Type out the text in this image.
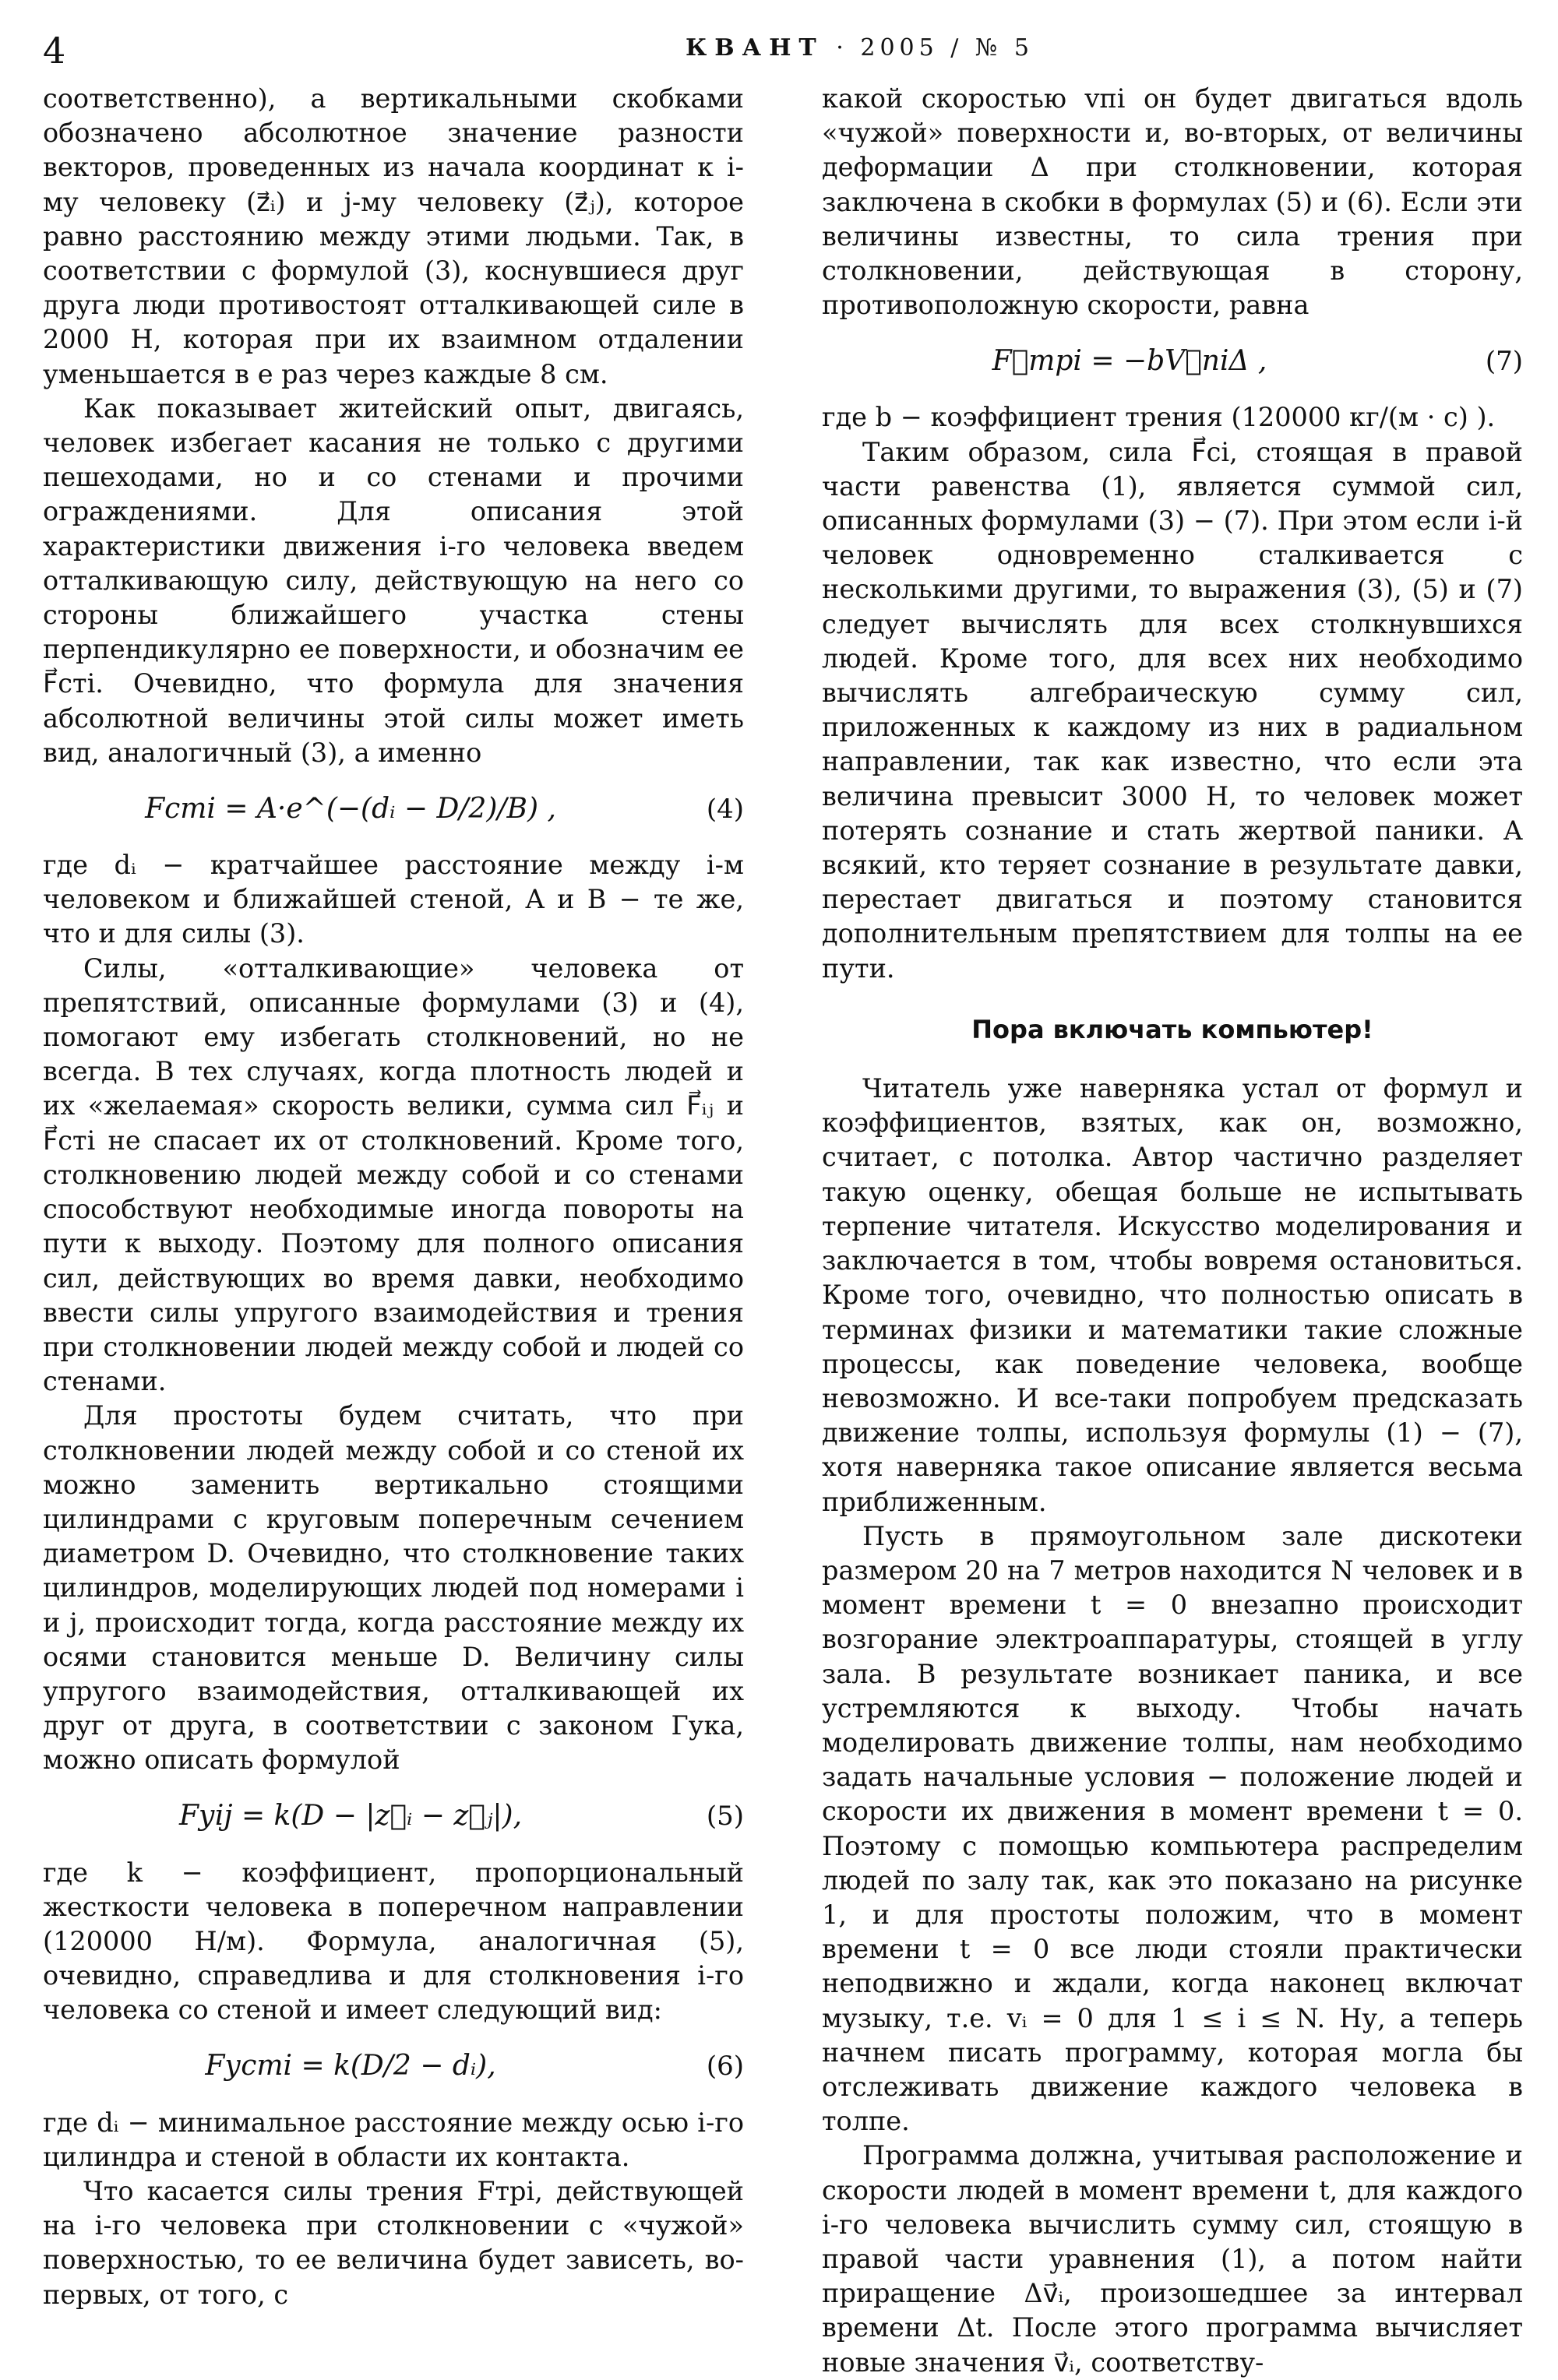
4	КВАНТ · 2005 / № 5

соответственно), а вертикальными скобками обозначено абсолютное значение разности векторов, проведенных из начала координат к i-му человеку (z⃗ᵢ) и j-му человеку (z⃗ⱼ), которое равно расстоянию между этими людьми. Так, в соответствии с формулой (3), коснувшиеся друг друга люди противостоят отталкивающей силе в 2000 Н, которая при их взаимном отдалении уменьшается в e раз через каждые 8 см.

Как показывает житейский опыт, двигаясь, человек избегает касания не только с другими пешеходами, но и со стенами и прочими ограждениями. Для описания этой характеристики движения i-го человека введем отталкивающую силу, действующую на него со стороны ближайшего участка стены перпендикулярно ее поверхности, и обозначим ее F⃗стi. Очевидно, что формула для значения абсолютной величины этой силы может иметь вид, аналогичный (3), а именно

Fстi = A·e^(−(dᵢ − D/2)/B) ,	(4)

где dᵢ − кратчайшее расстояние между i-м человеком и ближайшей стеной, A и B − те же, что и для силы (3).

Силы, «отталкивающие» человека от препятствий, описанные формулами (3) и (4), помогают ему избегать столкновений, но не всегда. В тех случаях, когда плотность людей и их «желаемая» скорость велики, сумма сил F⃗ᵢⱼ и F⃗стi не спасает их от столкновений. Кроме того, столкновению людей между собой и со стенами способствуют необходимые иногда повороты на пути к выходу. Поэтому для полного описания сил, действующих во время давки, необходимо ввести силы упругого взаимодействия и трения при столкновении людей между собой и людей со стенами.

Для простоты будем считать, что при столкновении людей между собой и со стеной их можно заменить вертикально стоящими цилиндрами с круговым поперечным сечением диаметром D. Очевидно, что столкновение таких цилиндров, моделирующих людей под номерами i и j, происходит тогда, когда расстояние между их осями становится меньше D. Величину силы упругого взаимодействия, отталкивающей их друг от друга, в соответствии с законом Гука, можно описать формулой

Fуij = k(D − |z⃗ᵢ − z⃗ⱼ|),	(5)

где k − коэффициент, пропорциональный жесткости человека в поперечном направлении (120000 Н/м). Формула, аналогичная (5), очевидно, справедлива и для столкновения i-го человека со стеной и имеет следующий вид:

Fустi = k(D/2 − dᵢ),	(6)

где dᵢ − минимальное расстояние между осью i-го цилиндра и стеной в области их контакта.

Что касается силы трения Fтрi, действующей на i-го человека при столкновении с «чужой» поверхностью, то ее величина будет зависеть, во-первых, от того, с

какой скоростью vпi он будет двигаться вдоль «чужой» поверхности и, во-вторых, от величины деформации Δ при столкновении, которая заключена в скобки в формулах (5) и (6). Если эти величины известны, то сила трения при столкновении, действующая в сторону, противоположную скорости, равна

F⃗трi = −bV⃗пiΔ ,	(7)

где b − коэффициент трения (120000 кг/(м · с) ).

Таким образом, сила F⃗ci, стоящая в правой части равенства (1), является суммой сил, описанных формулами (3) − (7). При этом если i-й человек одновременно сталкивается с несколькими другими, то выражения (3), (5) и (7) следует вычислять для всех столкнувшихся людей. Кроме того, для всех них необходимо вычислять алгебраическую сумму сил, приложенных к каждому из них в радиальном направлении, так как известно, что если эта величина превысит 3000 Н, то человек может потерять сознание и стать жертвой паники. А всякий, кто теряет сознание в результате давки, перестает двигаться и поэтому становится дополнительным препятствием для толпы на ее пути.

Пора включать компьютер!

Читатель уже наверняка устал от формул и коэффициентов, взятых, как он, возможно, считает, с потолка. Автор частично разделяет такую оценку, обещая больше не испытывать терпение читателя. Искусство моделирования и заключается в том, чтобы вовремя остановиться. Кроме того, очевидно, что полностью описать в терминах физики и математики такие сложные процессы, как поведение человека, вообще невозможно. И все-таки попробуем предсказать движение толпы, используя формулы (1) − (7), хотя наверняка такое описание является весьма приближенным.

Пусть в прямоугольном зале дискотеки размером 20 на 7 метров находится N человек и в момент времени t = 0 внезапно происходит возгорание электроаппаратуры, стоящей в углу зала. В результате возникает паника, и все устремляются к выходу. Чтобы начать моделировать движение толпы, нам необходимо задать начальные условия − положение людей и скорости их движения в момент времени t = 0. Поэтому с помощью компьютера распределим людей по залу так, как это показано на рисунке 1, и для простоты положим, что в момент времени t = 0 все люди стояли практически неподвижно и ждали, когда наконец включат музыку, т.е. vᵢ = 0 для 1 ≤ i ≤ N. Ну, а теперь начнем писать программу, которая могла бы отслеживать движение каждого человека в толпе.

Программа должна, учитывая расположение и скорости людей в момент времени t, для каждого i-го человека вычислить сумму сил, стоящую в правой части уравнения (1), а потом найти приращение Δv⃗ᵢ, произошедшее за интервал времени Δt. После этого программа вычисляет новые значения v⃗ᵢ, соответству-
